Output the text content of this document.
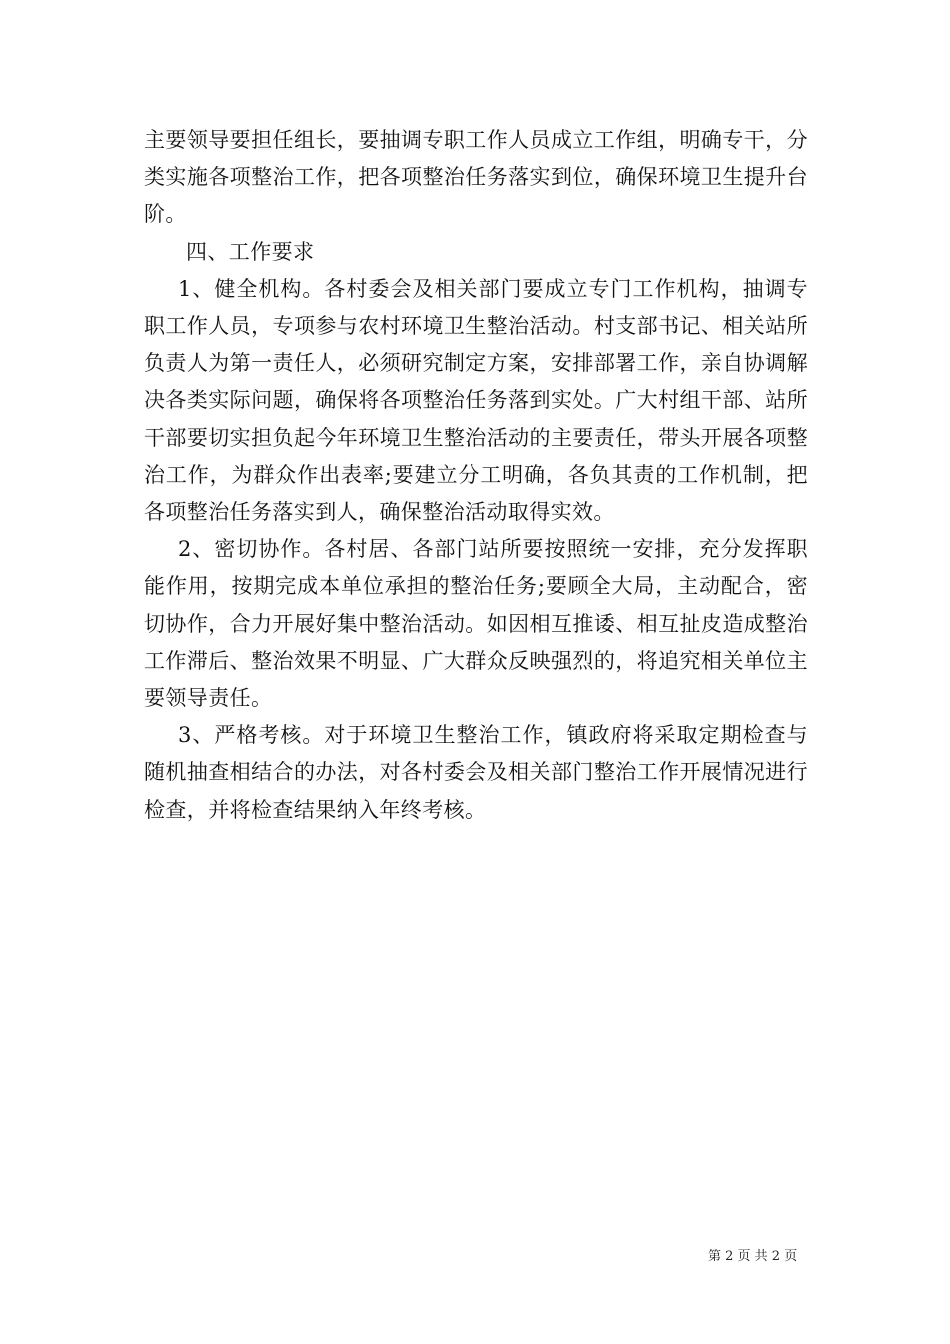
主要领导要担任组长，要抽调专职工作人员成立工作组，明确专干，分类实施各项整治工作，把各项整治任务落实到位，确保环境卫生提升台阶。

四、工作要求

1、健全机构。各村委会及相关部门要成立专门工作机构，抽调专职工作人员，专项参与农村环境卫生整治活动。村支部书记、相关站所负责人为第一责任人，必须研究制定方案，安排部署工作，亲自协调解决各类实际问题，确保将各项整治任务落到实处。广大村组干部、站所干部要切实担负起今年环境卫生整治活动的主要责任，带头开展各项整治工作，为群众作出表率;要建立分工明确，各负其责的工作机制，把各项整治任务落实到人，确保整治活动取得实效。

2、密切协作。各村居、各部门站所要按照统一安排，充分发挥职能作用，按期完成本单位承担的整治任务;要顾全大局，主动配合，密切协作，合力开展好集中整治活动。如因相互推诿、相互扯皮造成整治工作滞后、整治效果不明显、广大群众反映强烈的，将追究相关单位主要领导责任。

3、严格考核。对于环境卫生整治工作，镇政府将采取定期检查与随机抽查相结合的办法，对各村委会及相关部门整治工作开展情况进行检查，并将检查结果纳入年终考核。

第 2 页 共 2 页
